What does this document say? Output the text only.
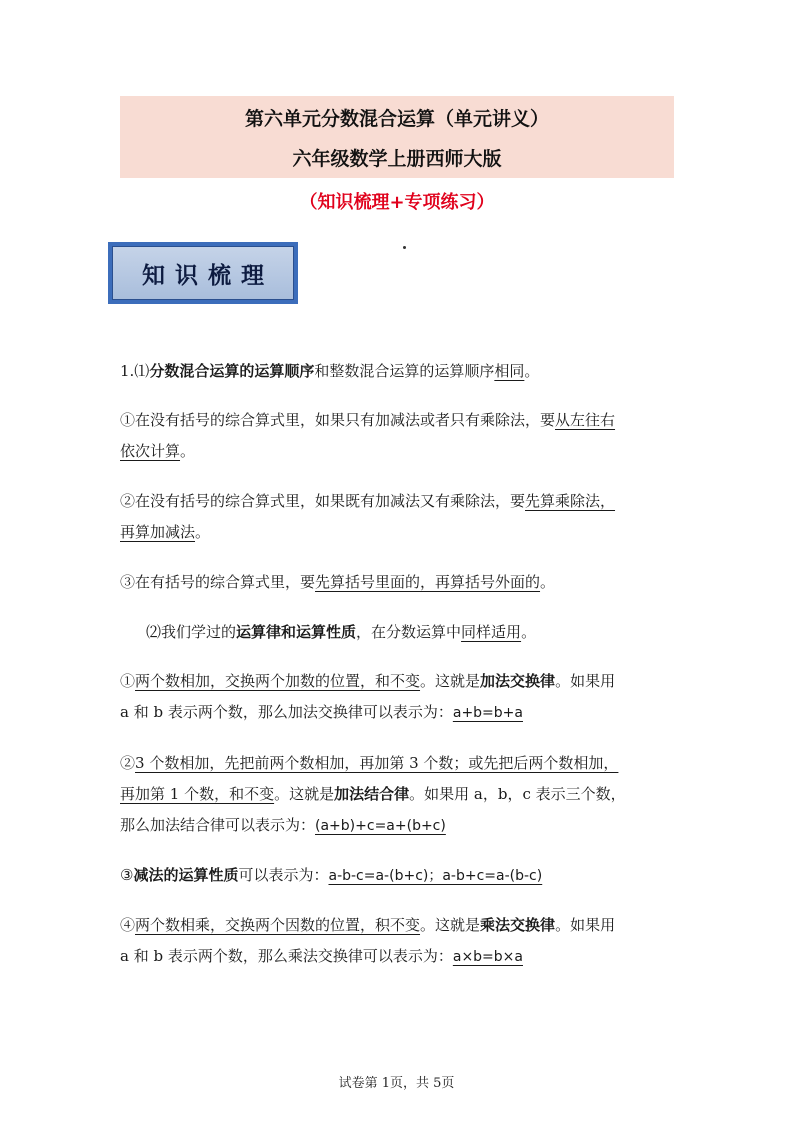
第六单元分数混合运算（单元讲义）
六年级数学上册西师大版
（知识梳理+专项练习）
知识梳理
1.⑴分数混合运算的运算顺序和整数混合运算的运算顺序相同。
①在没有括号的综合算式里，如果只有加减法或者只有乘除法，要从左往右
依次计算。
②在没有括号的综合算式里，如果既有加减法又有乘除法，要先算乘除法，
再算加减法。
③在有括号的综合算式里，要先算括号里面的，再算括号外面的。
⑵我们学过的运算律和运算性质，在分数运算中同样适用。
①两个数相加，交换两个加数的位置，和不变。这就是加法交换律。如果用
a 和 b 表示两个数，那么加法交换律可以表示为：a+b=b+a
②3 个数相加，先把前两个数相加，再加第 3 个数；或先把后两个数相加，
再加第 1 个数，和不变。这就是加法结合律。如果用 a，b，c 表示三个数，
那么加法结合律可以表示为：(a+b)+c=a+(b+c)
③减法的运算性质可以表示为：a-b-c=a-(b+c)；a-b+c=a-(b-c)
④两个数相乘，交换两个因数的位置，积不变。这就是乘法交换律。如果用
a 和 b 表示两个数，那么乘法交换律可以表示为：a×b=b×a
试卷第 1页，共 5页
